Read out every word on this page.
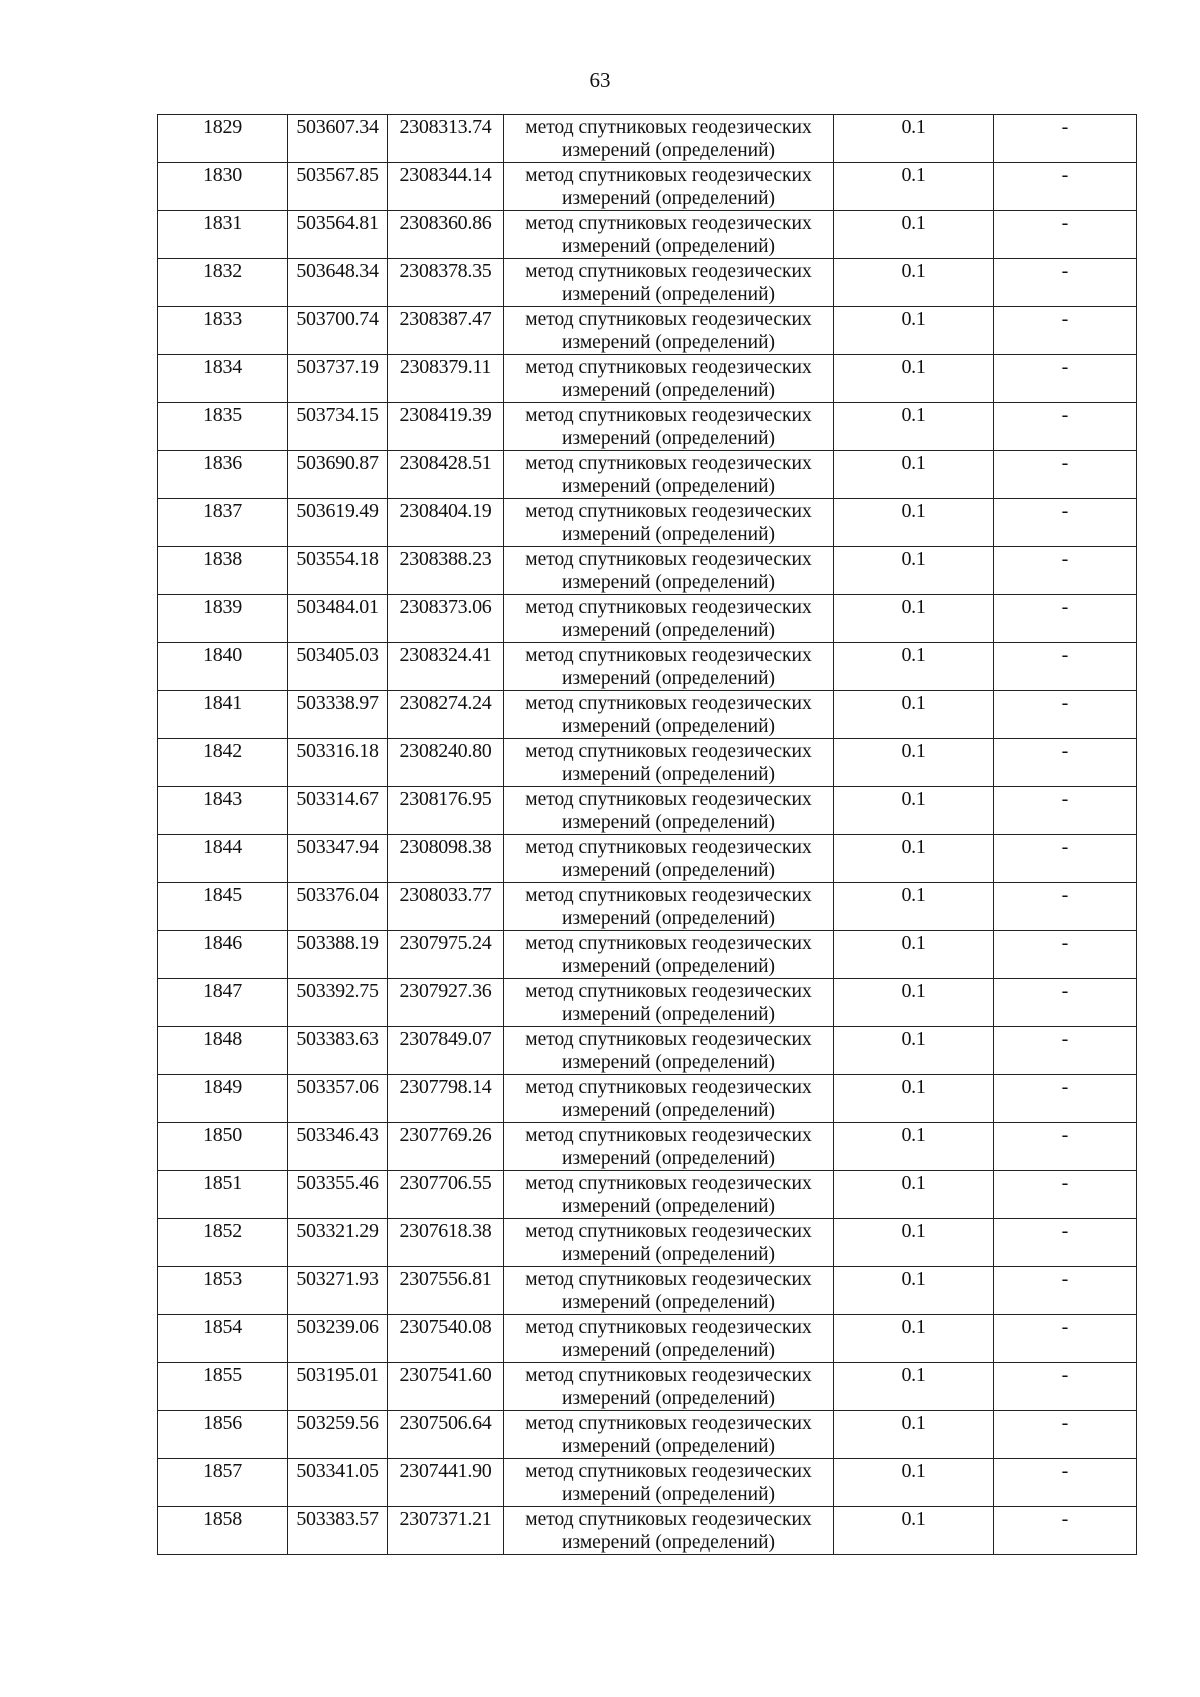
63
1829	503607.34	2308313.74	метод спутниковых геодезических
измерений (определений)	0.1	-
1830	503567.85	2308344.14	метод спутниковых геодезических
измерений (определений)	0.1	-
1831	503564.81	2308360.86	метод спутниковых геодезических
измерений (определений)	0.1	-
1832	503648.34	2308378.35	метод спутниковых геодезических
измерений (определений)	0.1	-
1833	503700.74	2308387.47	метод спутниковых геодезических
измерений (определений)	0.1	-
1834	503737.19	2308379.11	метод спутниковых геодезических
измерений (определений)	0.1	-
1835	503734.15	2308419.39	метод спутниковых геодезических
измерений (определений)	0.1	-
1836	503690.87	2308428.51	метод спутниковых геодезических
измерений (определений)	0.1	-
1837	503619.49	2308404.19	метод спутниковых геодезических
измерений (определений)	0.1	-
1838	503554.18	2308388.23	метод спутниковых геодезических
измерений (определений)	0.1	-
1839	503484.01	2308373.06	метод спутниковых геодезических
измерений (определений)	0.1	-
1840	503405.03	2308324.41	метод спутниковых геодезических
измерений (определений)	0.1	-
1841	503338.97	2308274.24	метод спутниковых геодезических
измерений (определений)	0.1	-
1842	503316.18	2308240.80	метод спутниковых геодезических
измерений (определений)	0.1	-
1843	503314.67	2308176.95	метод спутниковых геодезических
измерений (определений)	0.1	-
1844	503347.94	2308098.38	метод спутниковых геодезических
измерений (определений)	0.1	-
1845	503376.04	2308033.77	метод спутниковых геодезических
измерений (определений)	0.1	-
1846	503388.19	2307975.24	метод спутниковых геодезических
измерений (определений)	0.1	-
1847	503392.75	2307927.36	метод спутниковых геодезических
измерений (определений)	0.1	-
1848	503383.63	2307849.07	метод спутниковых геодезических
измерений (определений)	0.1	-
1849	503357.06	2307798.14	метод спутниковых геодезических
измерений (определений)	0.1	-
1850	503346.43	2307769.26	метод спутниковых геодезических
измерений (определений)	0.1	-
1851	503355.46	2307706.55	метод спутниковых геодезических
измерений (определений)	0.1	-
1852	503321.29	2307618.38	метод спутниковых геодезических
измерений (определений)	0.1	-
1853	503271.93	2307556.81	метод спутниковых геодезических
измерений (определений)	0.1	-
1854	503239.06	2307540.08	метод спутниковых геодезических
измерений (определений)	0.1	-
1855	503195.01	2307541.60	метод спутниковых геодезических
измерений (определений)	0.1	-
1856	503259.56	2307506.64	метод спутниковых геодезических
измерений (определений)	0.1	-
1857	503341.05	2307441.90	метод спутниковых геодезических
измерений (определений)	0.1	-
1858	503383.57	2307371.21	метод спутниковых геодезических
измерений (определений)	0.1	-
